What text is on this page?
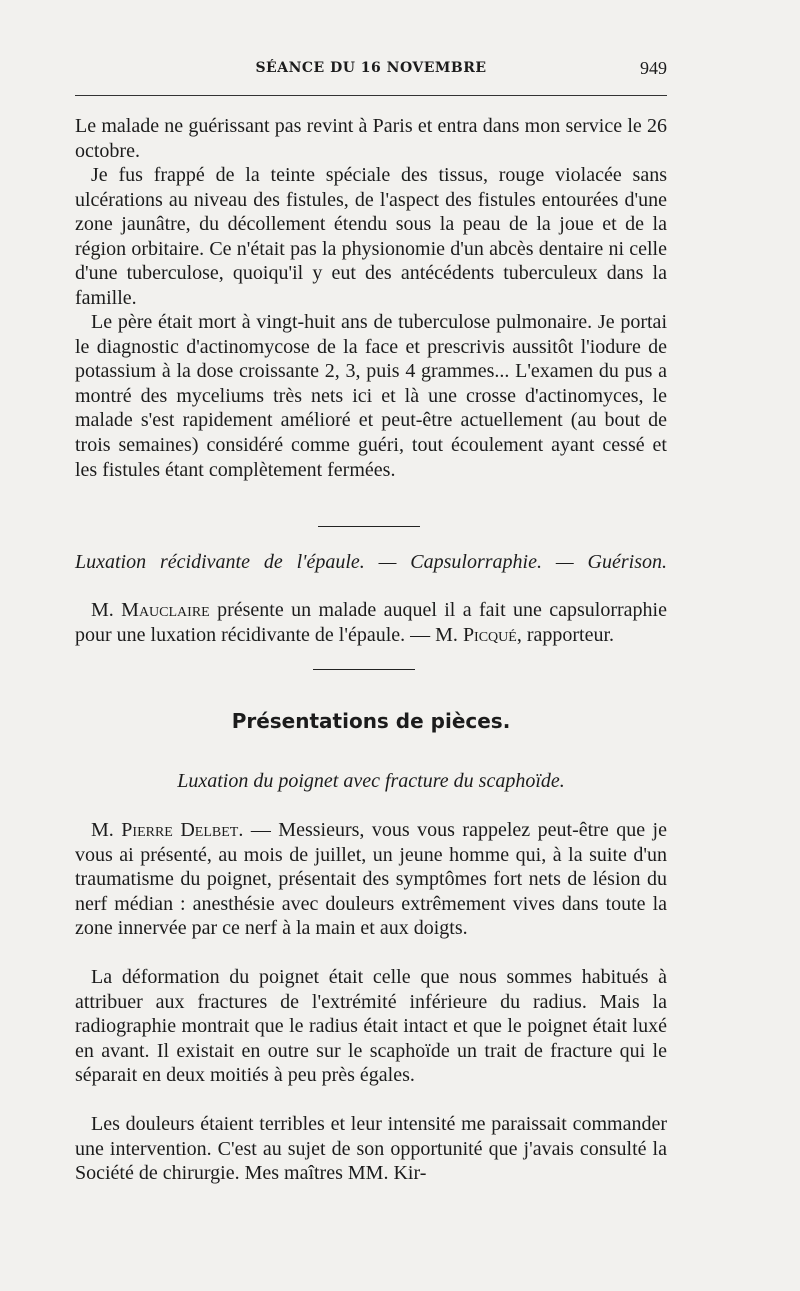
SÉANCE DU 16 NOVEMBRE	949

Le malade ne guérissant pas revint à Paris et entra dans mon service le 26 octobre.

Je fus frappé de la teinte spéciale des tissus, rouge violacée sans ulcérations au niveau des fistules, de l'aspect des fistules entourées d'une zone jaunâtre, du décollement étendu sous la peau de la joue et de la région orbitaire. Ce n'était pas la physionomie d'un abcès dentaire ni celle d'une tuberculose, quoiqu'il y eut des antécédents tuberculeux dans la famille.

Le père était mort à vingt-huit ans de tuberculose pulmonaire. Je portai le diagnostic d'actinomycose de la face et prescrivis aussitôt l'iodure de potassium à la dose croissante 2, 3, puis 4 grammes... L'examen du pus a montré des myceliums très nets ici et là une crosse d'actinomyces, le malade s'est rapidement amélioré et peut-être actuellement (au bout de trois semaines) considéré comme guéri, tout écoulement ayant cessé et les fistules étant complètement fermées.

Luxation récidivante de l'épaule. — Capsulorraphie. — Guérison.

M. Mauclaire présente un malade auquel il a fait une capsulorraphie pour une luxation récidivante de l'épaule. — M. Picqué, rapporteur.

Présentations de pièces.

Luxation du poignet avec fracture du scaphoïde.

M. Pierre Delbet. — Messieurs, vous vous rappelez peut-être que je vous ai présenté, au mois de juillet, un jeune homme qui, à la suite d'un traumatisme du poignet, présentait des symptômes fort nets de lésion du nerf médian : anesthésie avec douleurs extrêmement vives dans toute la zone innervée par ce nerf à la main et aux doigts.

La déformation du poignet était celle que nous sommes habitués à attribuer aux fractures de l'extrémité inférieure du radius. Mais la radiographie montrait que le radius était intact et que le poignet était luxé en avant. Il existait en outre sur le scaphoïde un trait de fracture qui le séparait en deux moitiés à peu près égales.

Les douleurs étaient terribles et leur intensité me paraissait commander une intervention. C'est au sujet de son opportunité que j'avais consulté la Société de chirurgie. Mes maîtres MM. Kir-
